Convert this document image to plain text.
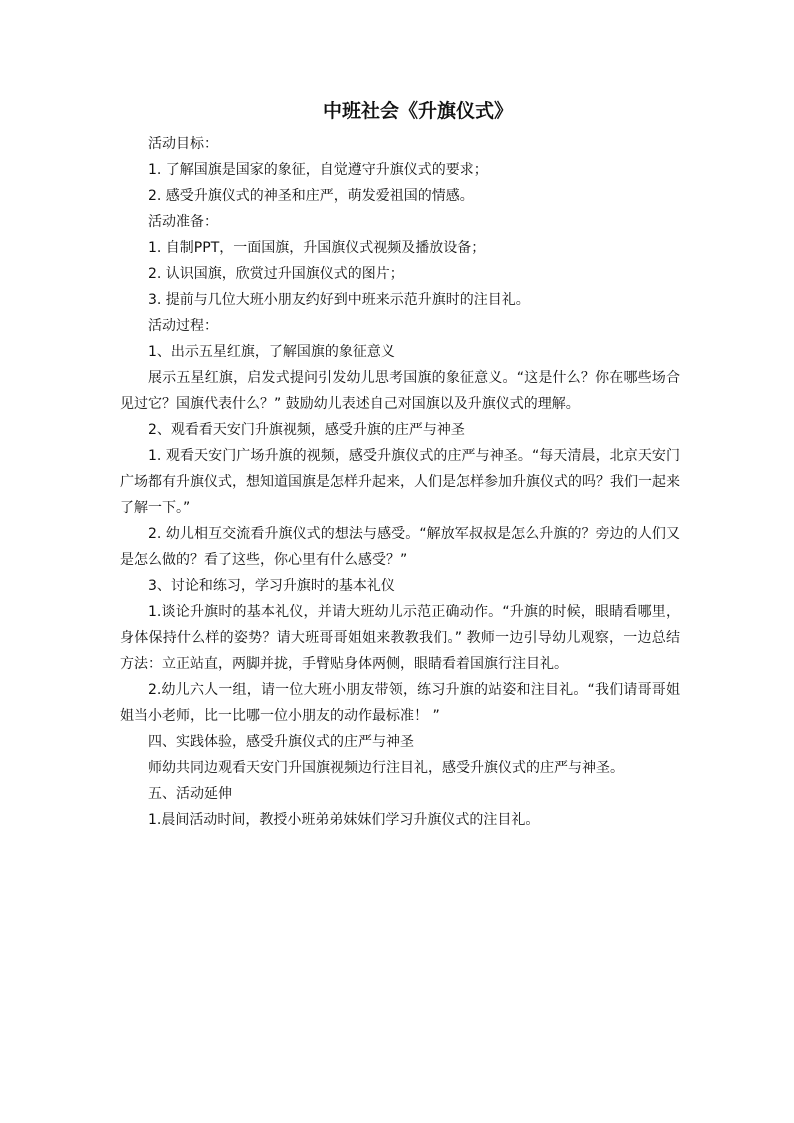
中班社会《升旗仪式》

活动目标：

1. 了解国旗是国家的象征，自觉遵守升旗仪式的要求；

2. 感受升旗仪式的神圣和庄严，萌发爱祖国的情感。

活动准备：

1. 自制PPT，一面国旗，升国旗仪式视频及播放设备；

2. 认识国旗，欣赏过升国旗仪式的图片；

3. 提前与几位大班小朋友约好到中班来示范升旗时的注目礼。

活动过程：

1、出示五星红旗，了解国旗的象征意义

展示五星红旗，启发式提问引发幼儿思考国旗的象征意义。“这是什么？你在哪些场合见过它？国旗代表什么？” 鼓励幼儿表述自己对国旗以及升旗仪式的理解。

2、观看看天安门升旗视频，感受升旗的庄严与神圣

1. 观看天安门广场升旗的视频，感受升旗仪式的庄严与神圣。“每天清晨，北京天安门广场都有升旗仪式，想知道国旗是怎样升起来，人们是怎样参加升旗仪式的吗？我们一起来了解一下。”

2. 幼儿相互交流看升旗仪式的想法与感受。“解放军叔叔是怎么升旗的？旁边的人们又是怎么做的？看了这些，你心里有什么感受？”

3、讨论和练习，学习升旗时的基本礼仪

1.谈论升旗时的基本礼仪，并请大班幼儿示范正确动作。“升旗的时候，眼睛看哪里，身体保持什么样的姿势？请大班哥哥姐姐来教教我们。” 教师一边引导幼儿观察，一边总结方法：立正站直，两脚并拢，手臂贴身体两侧，眼睛看着国旗行注目礼。

2.幼儿六人一组，请一位大班小朋友带领，练习升旗的站姿和注目礼。“我们请哥哥姐姐当小老师，比一比哪一位小朋友的动作最标准！ ”

四、实践体验，感受升旗仪式的庄严与神圣

师幼共同边观看天安门升国旗视频边行注目礼，感受升旗仪式的庄严与神圣。

五、活动延伸

1.晨间活动时间，教授小班弟弟妹妹们学习升旗仪式的注目礼。
